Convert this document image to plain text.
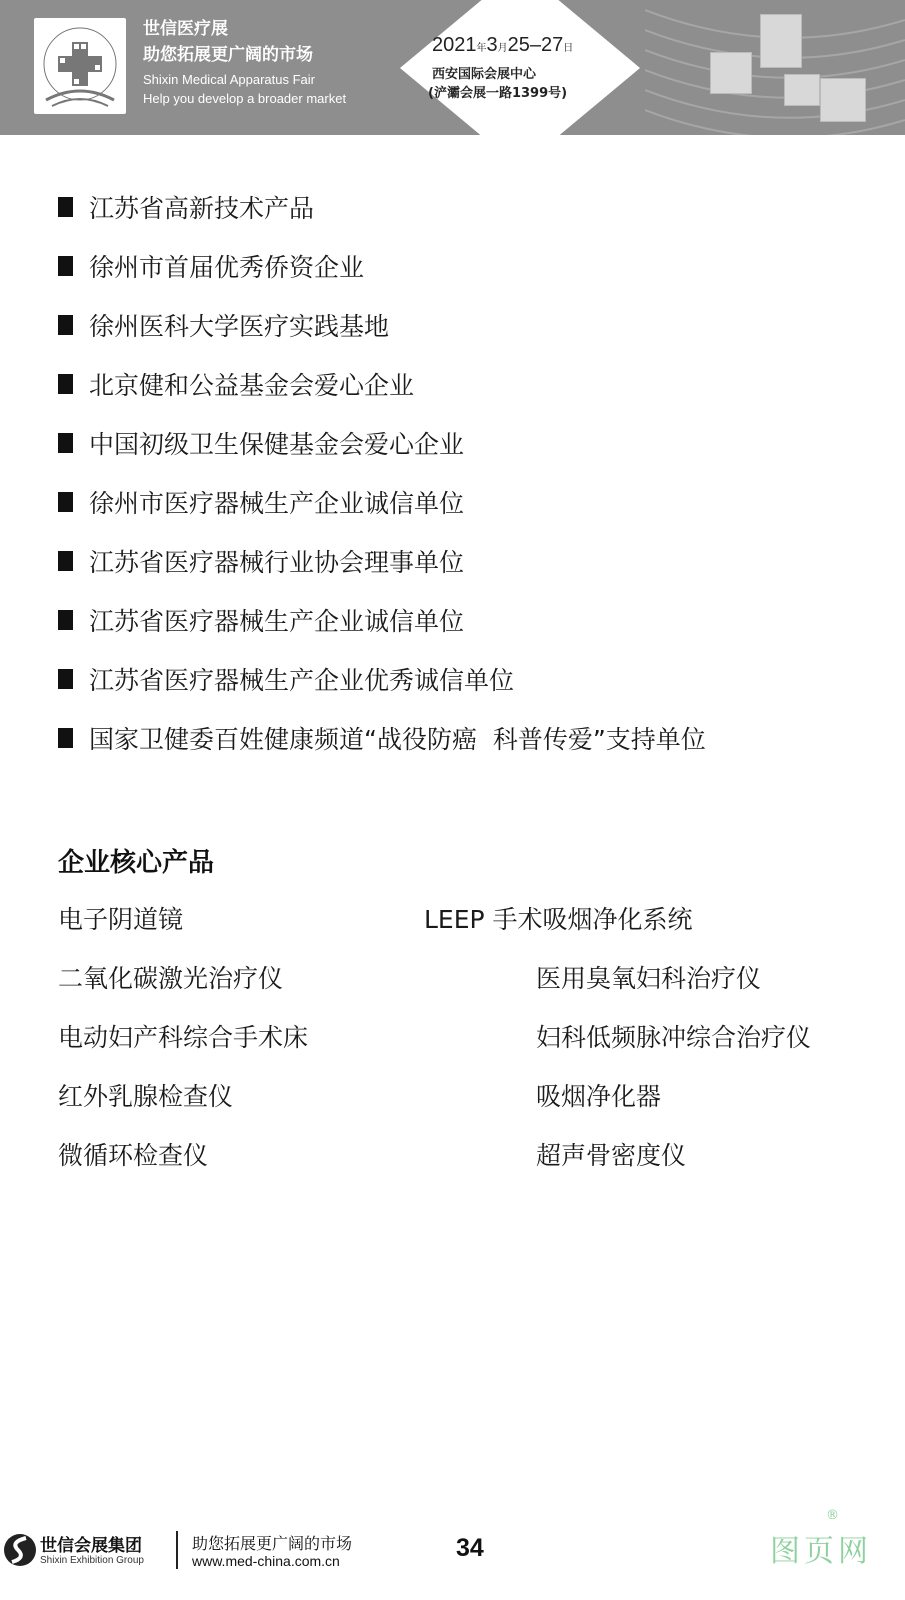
世信医疗展
助您拓展更广阔的市场
Shixin Medical Apparatus Fair
Help you develop a broader market
2021年3月25–27日
西安国际会展中心
(浐灞会展一路1399号)
江苏省高新技术产品
徐州市首届优秀侨资企业
徐州医科大学医疗实践基地
北京健和公益基金会爱心企业
中国初级卫生保健基金会爱心企业
徐州市医疗器械生产企业诚信单位
江苏省医疗器械行业协会理事单位
江苏省医疗器械生产企业诚信单位
江苏省医疗器械生产企业优秀诚信单位
国家卫健委百姓健康频道“战役防癌  科普传爱”支持单位
企业核心产品
电子阴道镜
二氧化碳激光治疗仪
电动妇产科综合手术床
红外乳腺检查仪
微循环检查仪
LEEP 手术吸烟净化系统
医用臭氧妇科治疗仪
妇科低频脉冲综合治疗仪
吸烟净化器
超声骨密度仪
世信会展集团
Shixin Exhibition Group
助您拓展更广阔的市场
www.med-china.com.cn	34	图页网
®
